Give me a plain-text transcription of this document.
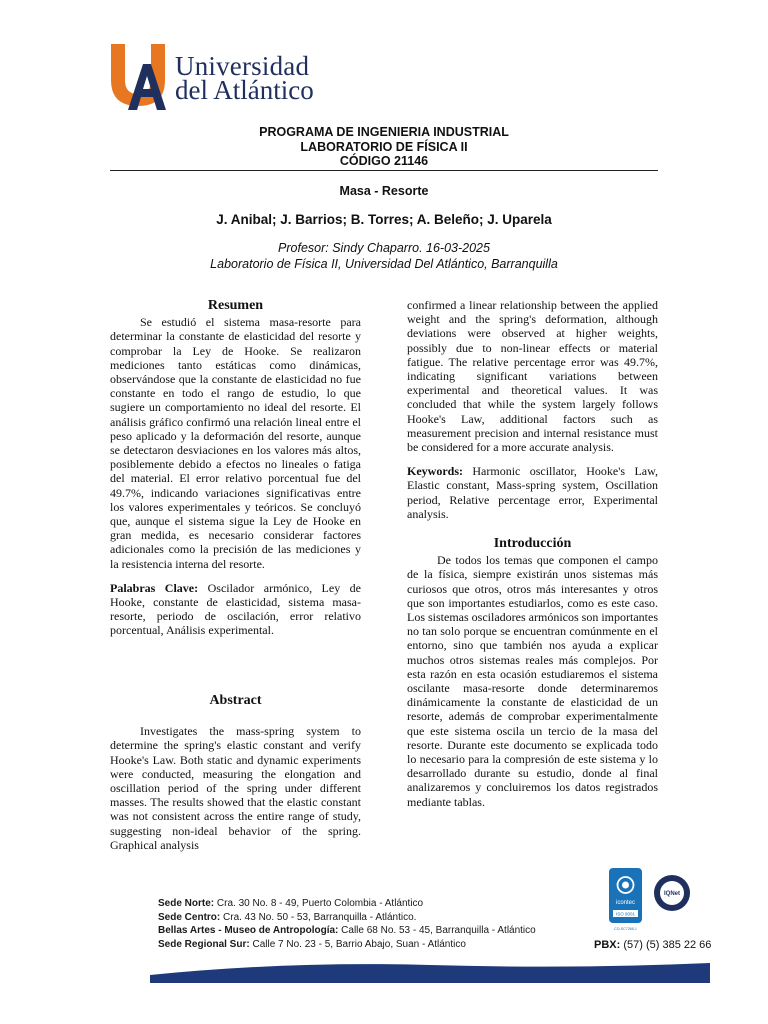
Universidad
del Atlántico
PROGRAMA DE INGENIERIA INDUSTRIAL
LABORATORIO DE FÍSICA II
CÓDIGO 21146
Masa - Resorte
J. Anibal; J. Barrios; B. Torres; A. Beleño; J. Uparela
Profesor: Sindy Chaparro. 16-03-2025
Laboratorio de Física II, Universidad Del Atlántico, Barranquilla
Resumen

Se estudió el sistema masa-resorte para determinar la constante de elasticidad del resorte y comprobar la Ley de Hooke. Se realizaron mediciones tanto estáticas como dinámicas, observándose que la constante de elasticidad no fue constante en todo el rango de estudio, lo que sugiere un comportamiento no ideal del resorte. El análisis gráfico confirmó una relación lineal entre el peso aplicado y la deformación del resorte, aunque se detectaron desviaciones en los valores más altos, posiblemente debido a efectos no lineales o fatiga del material. El error relativo porcentual fue del 49.7%, indicando variaciones significativas entre los valores experimentales y teóricos. Se concluyó que, aunque el sistema sigue la Ley de Hooke en gran medida, es necesario considerar factores adicionales como la precisión de las mediciones y la resistencia interna del resorte.

Palabras Clave: Oscilador armónico, Ley de Hooke, constante de elasticidad, sistema masa-resorte, periodo de oscilación, error relativo porcentual, Análisis experimental.

Abstract

Investigates the mass-spring system to determine the spring's elastic constant and verify Hooke's Law. Both static and dynamic experiments were conducted, measuring the elongation and oscillation period of the spring under different masses. The results showed that the elastic constant was not consistent across the entire range of study, suggesting non-ideal behavior of the spring. Graphical analysis

confirmed a linear relationship between the applied weight and the spring's deformation, although deviations were observed at higher weights, possibly due to non-linear effects or material fatigue. The relative percentage error was 49.7%, indicating significant variations between experimental and theoretical values. It was concluded that while the system largely follows Hooke's Law, additional factors such as measurement precision and internal resistance must be considered for a more accurate analysis.

Keywords: Harmonic oscillator, Hooke's Law, Elastic constant, Mass-spring system, Oscillation period, Relative percentage error, Experimental analysis.

Introducción

De todos los temas que componen el campo de la física, siempre existirán unos sistemas más curiosos que otros, otros más interesantes y otros que son importantes estudiarlos, como es este caso. Los sistemas osciladores armónicos son importantes no tan solo porque se encuentran comúnmente en el entorno, sino que también nos ayuda a explicar muchos otros sistemas reales más complejos. Por esta razón en esta ocasión estudiaremos el sistema oscilante masa-resorte donde determinaremos dinámicamente la constante de elasticidad de un resorte, además de comprobar experimentalmente que este sistema oscila un tercio de la masa del resorte. Durante este documento se explicada todo lo necesario para la compresión de este sistema y lo desarrollado durante su estudio, donde al final analizaremos y concluiremos los datos registrados mediante tablas.

Sede Norte: Cra. 30 No. 8 - 49, Puerto Colombia - Atlántico
Sede Centro: Cra. 43 No. 50 - 53, Barranquilla - Atlántico.
Bellas Artes - Museo de Antropología: Calle 68 No. 53 - 45, Barranquilla - Atlántico
Sede Regional Sur: Calle 7 No. 23 - 5, Barrio Abajo, Suan - Atlántico	PBX: (57) (5) 385 22 66
icontec
ISO 9001
CO-SC7268-1
IQNet
